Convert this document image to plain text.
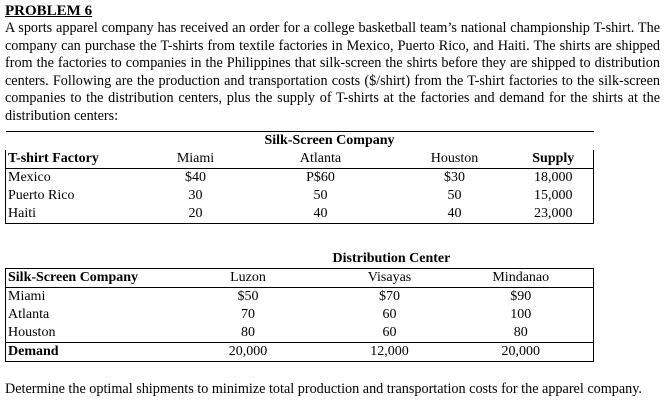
PROBLEM 6

A sports apparel company has received an order for a college basketball team’s national championship T-shirt. The company can purchase the T-shirts from textile factories in Mexico, Puerto Rico, and Haiti. The shirts are shipped from the factories to companies in the Philippines that silk-screen the shirts before they are shipped to distribution centers. Following are the production and transportation costs ($/shirt) from the T-shirt factories to the silk-screen companies to the distribution centers, plus the supply of T-shirts at the factories and demand for the shirts at the distribution centers:

	Silk-Screen Company			
T-shirt Factory	Miami	Atlanta	Houston	Supply
Mexico	$40	P$60	$30	18,000
Puerto Rico	30	50	50	15,000
Haiti	20	40	40	23,000
		Distribution Center	
Silk-Screen Company	Luzon	Visayas	Mindanao
Miami	$50	$70	$90
Atlanta	70	60	100
Houston	80	60	80
Demand	20,000	12,000	20,000

Determine the optimal shipments to minimize total production and transportation costs for the apparel company.
